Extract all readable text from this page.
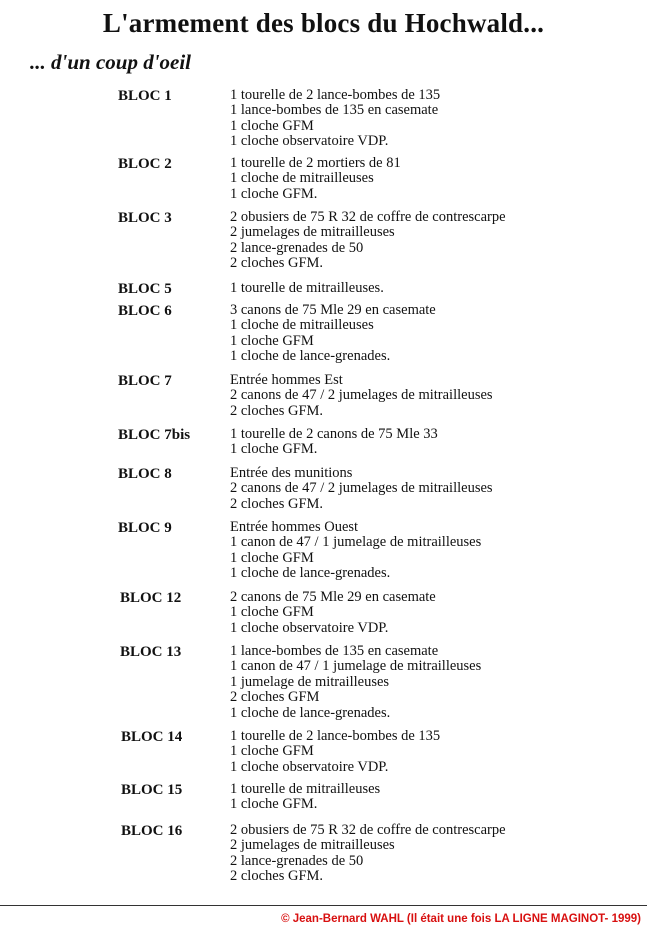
L'armement des blocs du Hochwald...
... d'un coup d'oeil
BLOC 1	1 tourelle de 2 lance-bombes de 135
1 lance-bombes de 135 en casemate
1 cloche GFM
1 cloche observatoire VDP.
BLOC 2	1 tourelle de 2 mortiers de 81
1 cloche de mitrailleuses
1 cloche GFM.
BLOC 3	2 obusiers de 75 R 32 de coffre de contrescarpe
2 jumelages de mitrailleuses
2 lance-grenades de 50
2 cloches GFM.
BLOC 5	1 tourelle de mitrailleuses.
BLOC 6	3 canons de 75 Mle 29 en casemate
1 cloche de mitrailleuses
1 cloche GFM
1 cloche de lance-grenades.
BLOC 7	Entrée hommes Est
2 canons de 47 / 2 jumelages de mitrailleuses
2 cloches GFM.
BLOC 7bis	1 tourelle de 2 canons de 75 Mle 33
1 cloche GFM.
BLOC 8	Entrée des munitions
2 canons de 47 / 2 jumelages de mitrailleuses
2 cloches GFM.
BLOC 9	Entrée hommes Ouest
1 canon de 47 / 1 jumelage de mitrailleuses
1 cloche GFM
1 cloche de lance-grenades.
BLOC 12	2 canons de 75 Mle 29 en casemate
1 cloche GFM
1 cloche observatoire VDP.
BLOC 13	1 lance-bombes de 135 en casemate
1 canon de 47 / 1 jumelage de mitrailleuses
1 jumelage de mitrailleuses
2 cloches GFM
1 cloche de lance-grenades.
BLOC 14	1 tourelle de 2 lance-bombes de 135
1 cloche GFM
1 cloche observatoire VDP.
BLOC 15	1 tourelle de mitrailleuses
1 cloche GFM.
BLOC 16	2 obusiers de 75 R 32 de coffre de contrescarpe
2 jumelages de mitrailleuses
2 lance-grenades de 50
2 cloches GFM.
© Jean-Bernard WAHL (Il était une fois LA LIGNE MAGINOT- 1999)
